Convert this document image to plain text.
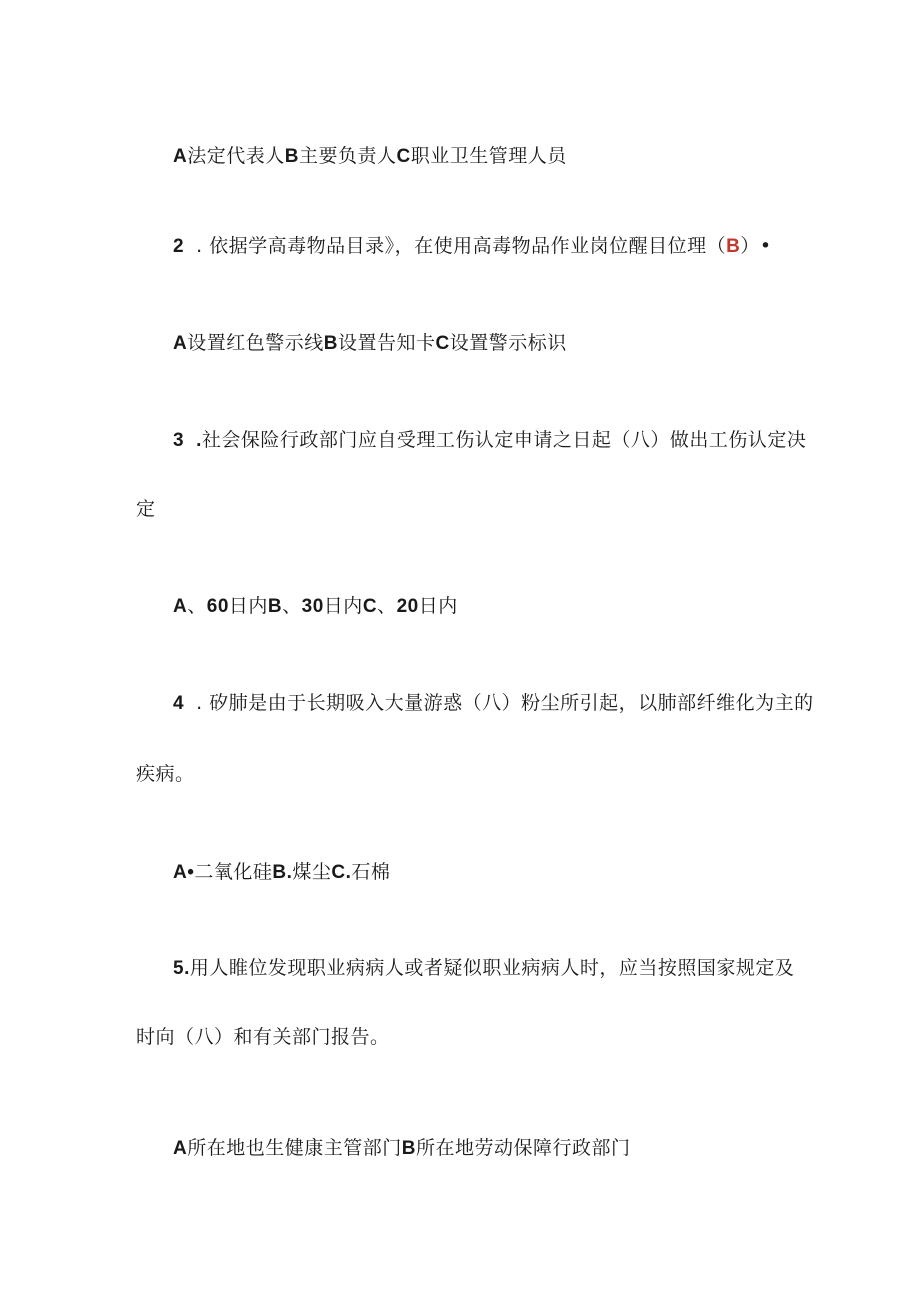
A法定代表人B主要负责人C职业卫生管理人员
2 . 依据学高毒物品目录》，在使用高毒物品作业岗位醒目位理（B）•
A设置红色警示线B设置告知卡C设置警示标识
3 .社会保险行政部门应自受理工伤认定申请之日起（八）做出工伤认定决
定
A、60日内B、30日内C、20日内
4 . 矽肺是由于长期吸入大量游惑（八）粉尘所引起，以肺部纤维化为主的
疾病。
A•二氧化硅B.煤尘C.石棉
5.用人睢位发现职业病病人或者疑似职业病病人时，应当按照国家规定及
时向（八）和有关部门报告。
A所在地也生健康主管部门B所在地劳动保障行政部门
